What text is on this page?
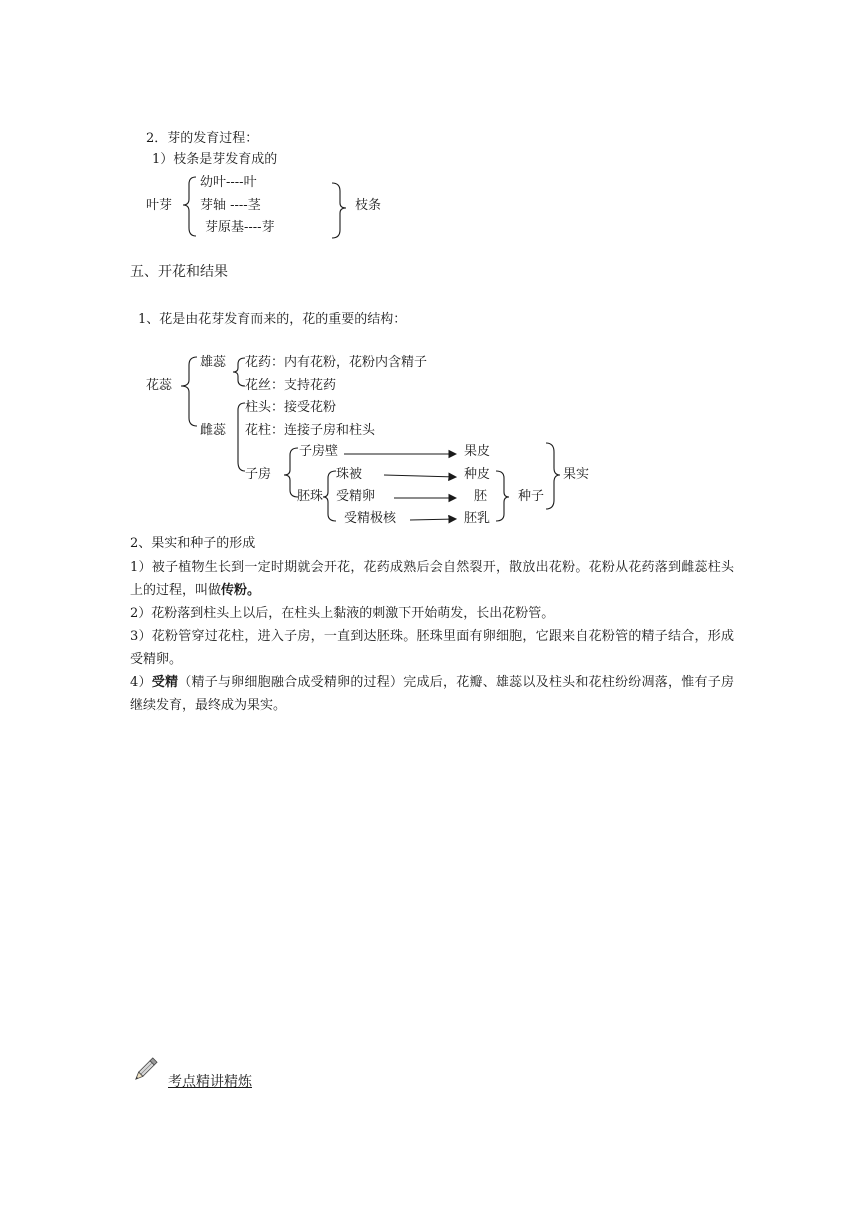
2．芽的发育过程：
1）枝条是芽发育成的
叶芽
幼叶----叶
芽轴 ----茎
芽原基----芽
枝条
五、开花和结果
1、花是由花芽发育而来的，花的重要的结构：
花蕊
雄蕊 花药：内有花粉，花粉内含精子
花丝：支持花药
雌蕊
柱头：接受花粉
花柱：连接子房和柱头
子房
子房壁
胚珠
珠被
受精卵
受精极核
果皮
种皮
胚
胚乳
种子
果实
2、果实和种子的形成
1）被子植物生长到一定时期就会开花，花药成熟后会自然裂开，散放出花粉。花粉从花药落到雌蕊柱头上的过程，叫做传粉。
2）花粉落到柱头上以后，在柱头上黏液的刺激下开始萌发，长出花粉管。
3）花粉管穿过花柱，进入子房，一直到达胚珠。胚珠里面有卵细胞，它跟来自花粉管的精子结合，形成受精卵。
4）受精（精子与卵细胞融合成受精卵的过程）完成后，花瓣、雄蕊以及柱头和花柱纷纷凋落，惟有子房继续发育，最终成为果实。
考点精讲精炼
